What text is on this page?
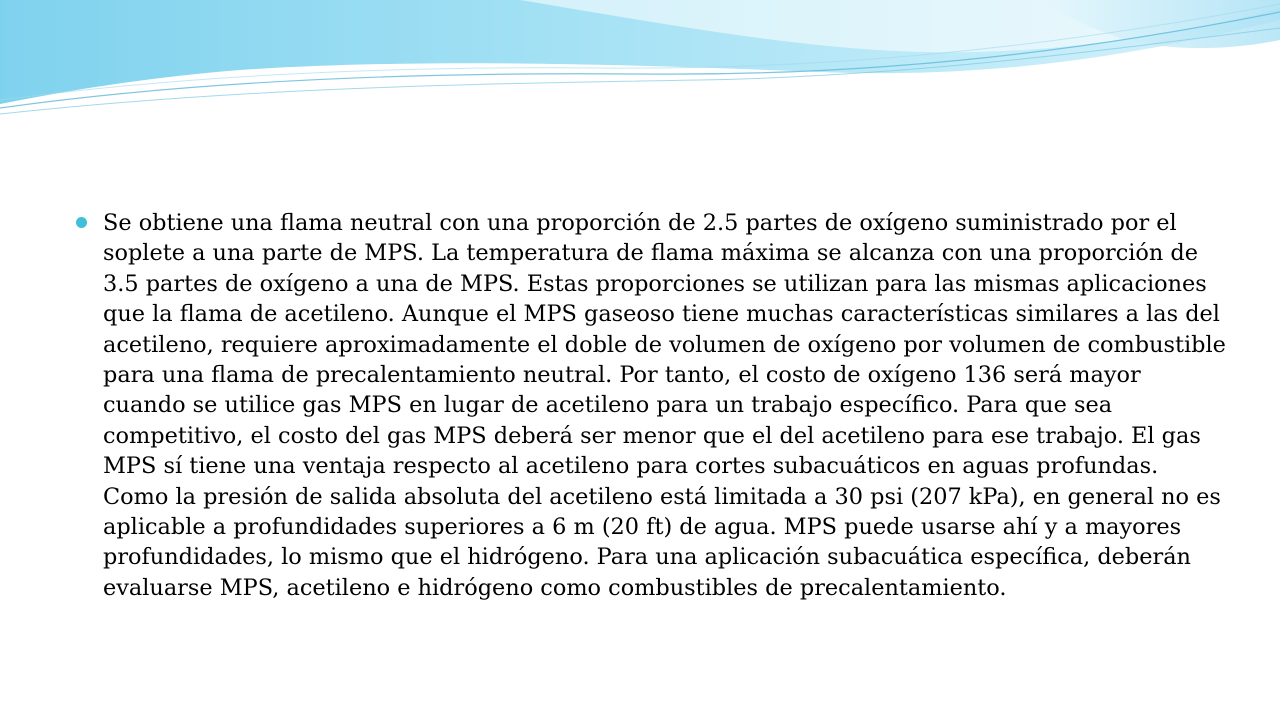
Se obtiene una flama neutral con una proporción de 2.5 partes de oxígeno suministrado por el soplete a una parte de MPS. La temperatura de flama máxima se alcanza con una proporción de 3.5 partes de oxígeno a una de MPS. Estas proporciones se utilizan para las mismas aplicaciones que la flama de acetileno. Aunque el MPS gaseoso tiene muchas características similares a las del acetileno, requiere aproximadamente el doble de volumen de oxígeno por volumen de combustible para una flama de precalentamiento neutral. Por tanto, el costo de oxígeno 136 será mayor cuando se utilice gas MPS en lugar de acetileno para un trabajo específico. Para que sea competitivo, el costo del gas MPS deberá ser menor que el del acetileno para ese trabajo. El gas MPS sí tiene una ventaja respecto al acetileno para cortes subacuáticos en aguas profundas. Como la presión de salida absoluta del acetileno está limitada a 30 psi (207 kPa), en general no es aplicable a profundidades superiores a 6 m (20 ft) de agua. MPS puede usarse ahí y a mayores profundidades, lo mismo que el hidrógeno. Para una aplicación subacuática específica, deberán evaluarse MPS, acetileno e hidrógeno como combustibles de precalentamiento.
